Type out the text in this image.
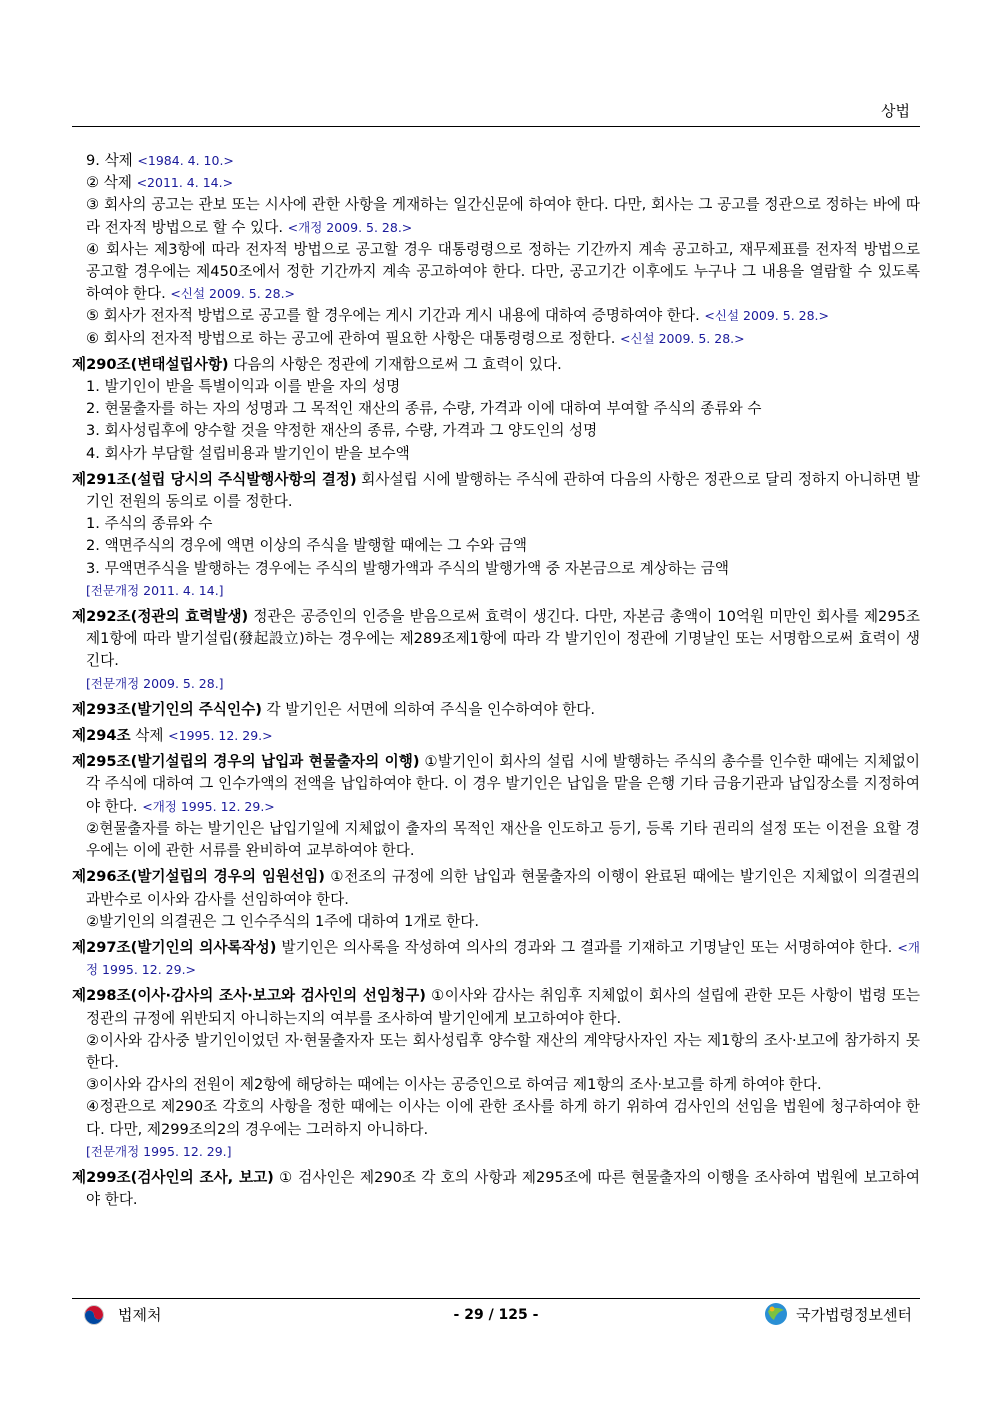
상법

9. 삭제 <1984. 4. 10.>

② 삭제 <2011. 4. 14.>

③ 회사의 공고는 관보 또는 시사에 관한 사항을 게재하는 일간신문에 하여야 한다. 다만, 회사는 그 공고를 정관으로 정하는 바에 따라 전자적 방법으로 할 수 있다. <개정 2009. 5. 28.>

④ 회사는 제3항에 따라 전자적 방법으로 공고할 경우 대통령령으로 정하는 기간까지 계속 공고하고, 재무제표를 전자적 방법으로 공고할 경우에는 제450조에서 정한 기간까지 계속 공고하여야 한다. 다만, 공고기간 이후에도 누구나 그 내용을 열람할 수 있도록 하여야 한다. <신설 2009. 5. 28.>

⑤ 회사가 전자적 방법으로 공고를 할 경우에는 게시 기간과 게시 내용에 대하여 증명하여야 한다. <신설 2009. 5. 28.>

⑥ 회사의 전자적 방법으로 하는 공고에 관하여 필요한 사항은 대통령령으로 정한다. <신설 2009. 5. 28.>

제290조(변태설립사항) 다음의 사항은 정관에 기재함으로써 그 효력이 있다.

1. 발기인이 받을 특별이익과 이를 받을 자의 성명

2. 현물출자를 하는 자의 성명과 그 목적인 재산의 종류, 수량, 가격과 이에 대하여 부여할 주식의 종류와 수

3. 회사성립후에 양수할 것을 약정한 재산의 종류, 수량, 가격과 그 양도인의 성명

4. 회사가 부담할 설립비용과 발기인이 받을 보수액

제291조(설립 당시의 주식발행사항의 결정) 회사설립 시에 발행하는 주식에 관하여 다음의 사항은 정관으로 달리 정하지 아니하면 발기인 전원의 동의로 이를 정한다.

1. 주식의 종류와 수

2. 액면주식의 경우에 액면 이상의 주식을 발행할 때에는 그 수와 금액

3. 무액면주식을 발행하는 경우에는 주식의 발행가액과 주식의 발행가액 중 자본금으로 계상하는 금액

[전문개정 2011. 4. 14.]

제292조(정관의 효력발생) 정관은 공증인의 인증을 받음으로써 효력이 생긴다. 다만, 자본금 총액이 10억원 미만인 회사를 제295조제1항에 따라 발기설립(發起設立)하는 경우에는 제289조제1항에 따라 각 발기인이 정관에 기명날인 또는 서명함으로써 효력이 생긴다.

[전문개정 2009. 5. 28.]

제293조(발기인의 주식인수) 각 발기인은 서면에 의하여 주식을 인수하여야 한다.

제294조 삭제 <1995. 12. 29.>

제295조(발기설립의 경우의 납입과 현물출자의 이행) ①발기인이 회사의 설립 시에 발행하는 주식의 총수를 인수한 때에는 지체없이 각 주식에 대하여 그 인수가액의 전액을 납입하여야 한다. 이 경우 발기인은 납입을 맡을 은행 기타 금융기관과 납입장소를 지정하여야 한다. <개정 1995. 12. 29.>

②현물출자를 하는 발기인은 납입기일에 지체없이 출자의 목적인 재산을 인도하고 등기, 등록 기타 권리의 설정 또는 이전을 요할 경우에는 이에 관한 서류를 완비하여 교부하여야 한다.

제296조(발기설립의 경우의 임원선임) ①전조의 규정에 의한 납입과 현물출자의 이행이 완료된 때에는 발기인은 지체없이 의결권의 과반수로 이사와 감사를 선임하여야 한다.

②발기인의 의결권은 그 인수주식의 1주에 대하여 1개로 한다.

제297조(발기인의 의사록작성) 발기인은 의사록을 작성하여 의사의 경과와 그 결과를 기재하고 기명날인 또는 서명하여야 한다. <개정 1995. 12. 29.>

제298조(이사·감사의 조사·보고와 검사인의 선임청구) ①이사와 감사는 취임후 지체없이 회사의 설립에 관한 모든 사항이 법령 또는 정관의 규정에 위반되지 아니하는지의 여부를 조사하여 발기인에게 보고하여야 한다.

②이사와 감사중 발기인이었던 자·현물출자자 또는 회사성립후 양수할 재산의 계약당사자인 자는 제1항의 조사·보고에 참가하지 못한다.

③이사와 감사의 전원이 제2항에 해당하는 때에는 이사는 공증인으로 하여금 제1항의 조사·보고를 하게 하여야 한다.

④정관으로 제290조 각호의 사항을 정한 때에는 이사는 이에 관한 조사를 하게 하기 위하여 검사인의 선임을 법원에 청구하여야 한다. 다만, 제299조의2의 경우에는 그러하지 아니하다.

[전문개정 1995. 12. 29.]

제299조(검사인의 조사, 보고) ① 검사인은 제290조 각 호의 사항과 제295조에 따른 현물출자의 이행을 조사하여 법원에 보고하여야 한다.

법제처	- 29 / 125 -	국가법령정보센터
